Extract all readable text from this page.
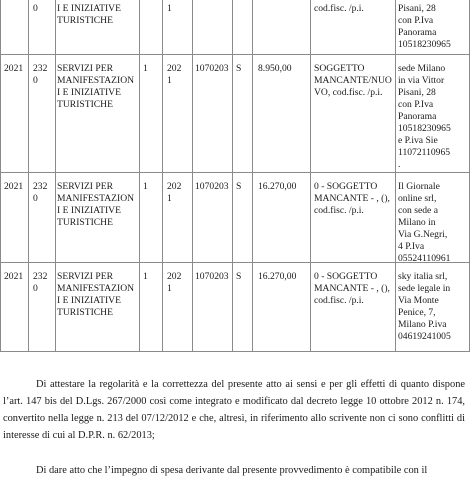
0 I E INIZIATIVE
TURISTICHE
1	cod.fisc. /p.i.	Pisani, 28
con P.Iva
Panorama
10518230965
2021 232
0
SERVIZI PER
MANIFESTAZION
I E INIZIATIVE
TURISTICHE
1 202
1
1070203 S 8.950,00 SOGGETTO
MANCANTE/NUO
VO, cod.fisc. /p.i.
sede Milano
in via Vittor
Pisani, 28
con P.Iva
Panorama
10518230965
e P.iva Sie
11072110965
.
2021 232
0
SERVIZI PER
MANIFESTAZION
I E INIZIATIVE
TURISTICHE
1 202
1
1070203 S 16.270,00 0 - SOGGETTO
MANCANTE - , (),
cod.fisc. /p.i.
Il Giornale
online srl,
con sede a
Milano in
Via G.Negri,
4 P.Iva
05524110961
2021 232
0
SERVIZI PER
MANIFESTAZION
I E INIZIATIVE
TURISTICHE
1 202
1
1070203 S 16.270,00 0 - SOGGETTO
MANCANTE - , (),
cod.fisc. /p.i.
sky italia srl,
sede legale in
Via Monte
Penice, 7,
Milano P.iva
04619241005

Di attestare la regolarità e la correttezza del presente atto ai sensi e per gli effetti di quanto dispone l’art. 147 bis del D.Lgs. 267/2000 così come integrato e modificato dal decreto legge 10 ottobre 2012 n. 174, convertito nella legge n. 213 del 07/12/2012 e che, altresì, in riferimento allo scrivente non ci sono conflitti di interesse di cui al D.P.R. n. 62/2013;

Di dare atto che l’impegno di spesa derivante dal presente provvedimento è compatibile con il
